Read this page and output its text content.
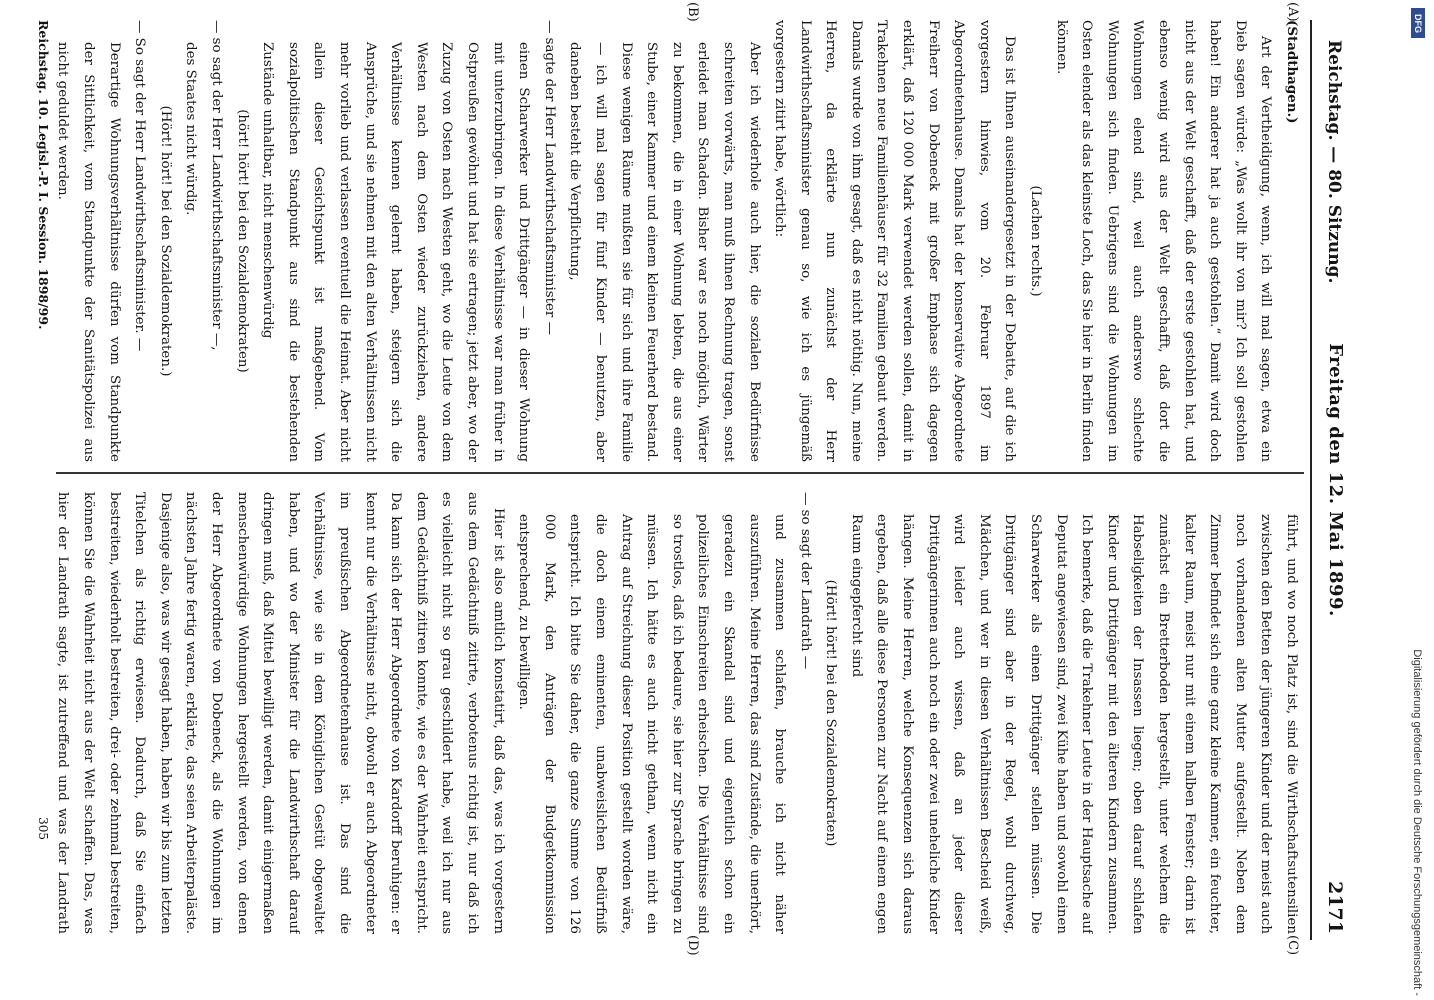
Reichstag. — 80. Sitzung.
Freitag den 12. Mai 1899.
2171

(Stadthagen.)

Art der Vertheidigung, wenn, ich will mal sagen, etwa ein Dieb sagen würde: „Was wollt ihr von mir? Ich soll gestohlen haben! Ein anderer hat ja auch gestohlen.“ Damit wird doch nicht aus der Welt geschafft, daß der erste gestohlen hat, und ebenso wenig wird aus der Welt geschafft, daß dort die Wohnungen elend sind, weil auch anderswo schlechte Wohnungen sich finden. Uebrigens sind die Wohnungen im Osten elender als das kleinste Loch, das Sie hier in Berlin finden können.

(Lachen rechts.)

Das ist Ihnen auseinandergesetzt in der Debatte, auf die ich vorgestern hinwies, vom 20. Februar 1897 im Abgeordnetenhause. Damals hat der konservative Abgeordnete Freiherr von Dobeneck mit großer Emphase sich dagegen erklärt, daß 120 000 Mark verwendet werden sollen, damit in Trakehnen neue Familienhäuser für 32 Familien gebaut werden. Damals wurde von ihm gesagt, daß es nicht nöthig. Nun, meine Herren, da erklärte nun zunächst der Herr Landwirthschaftsminister genau so, wie ich es jüngemäß vorgestern zitirt habe, wörtlich:

Aber ich wiederhole auch hier, die sozialen Bedürfnisse schreiten vorwärts, man muß ihnen Rechnung tragen, sonst erleidet man Schaden. Bisher war es noch möglich, Wärter zu bekommen, die in einer Wohnung lebten, die aus einer Stube, einer Kammer und einem kleinen Feuerherd bestand. Diese wenigen Räume mußten sie für sich und ihre Familie — ich will mal sagen für fünf Kinder — benutzen, aber daneben besteht die Verpflichtung,

— sagte der Herr Landwirthschaftsminister —

einen Scharwerker und Drittgänger — in dieser Wohnung mit unterzubringen. In diese Verhältnisse war man früher in Ostpreußen gewöhnt und hat sie ertragen; jetzt aber, wo der Zuzug von Osten nach Westen geht, wo die Leute von dem Westen nach dem Osten wieder zurückziehen, andere Verhältnisse kennen gelernt haben, steigern sich die Ansprüche, und sie nehmen mit den alten Verhältnissen nicht mehr vorlieb und verlassen eventuell die Heimat. Aber nicht allein dieser Gesichtspunkt ist maßgebend. Vom sozialpolitischen Standpunkt aus sind die bestehenden Zustände unhaltbar, nicht menschenwürdig

(hört! hört! bei den Sozialdemokraten)

— so sagt der Herr Landwirthschaftsminister —,

des Staates nicht würdig.

(Hört! hört! bei den Sozialdemokraten.)

— So sagt der Herr Landwirthschaftsminister. —

Derartige Wohnungsverhältnisse dürfen vom Standpunkte der Sittlichkeit, vom Standpunkte der Sanitätspolizei aus nicht geduldet werden.

führt, und wo noch Platz ist, sind die Wirthschaftsutensilien zwischen den Betten der jüngeren Kinder und der meist auch noch vorhandenen alten Mutter aufgestellt. Neben dem Zimmer befindet sich eine ganz kleine Kammer, ein feuchter, kalter Raum, meist nur mit einem halben Fenster; darin ist zunächst ein Bretterboden hergestellt, unter welchem die Habseligkeiten der Insassen liegen; oben darauf schlafen Kinder und Drittgänger mit den älteren Kindern zusammen. Ich bemerke, daß die Trakehner Leute in der Hauptsache auf Deputat angewiesen sind, zwei Kühe haben und sowohl einen Scharwerker als einen Drittgänger stellen müssen. Die Drittgänger sind aber in der Regel, wohl durchweg, Mädchen, und wer in diesen Verhältnissen Bescheid weiß, wird leider auch wissen, daß an jeder dieser Drittgängerinnen auch noch ein oder zwei uneheliche Kinder hängen. Meine Herren, welche Konsequenzen sich daraus ergeben, daß alle diese Personen zur Nacht auf einem engen Raum eingepfercht sind

(Hört! hört! bei den Sozialdemokraten)

— so sagt der Landrath —

und zusammen schlafen, brauche ich nicht näher auszuführen. Meine Herren, das sind Zustände, die unerhört, geradezu ein Skandal sind und eigentlich schon ein polizeiliches Einschreiten erheischen. Die Verhältnisse sind so trostlos, daß ich bedaure, sie hier zur Sprache bringen zu müssen. Ich hätte es auch nicht gethan, wenn nicht ein Antrag auf Streichung dieser Position gestellt worden wäre, die doch einem eminenten, unabweislichen Bedürfniß entspricht. Ich bitte Sie daher, die ganze Summe von 126 000 Mark, den Anträgen der Budgetkommission entsprechend, zu bewilligen.

Hier ist also amtlich konstatirt, daß das, was ich vorgestern aus dem Gedächtniß zitirte, verbotenus richtig ist, nur daß ich es vielleicht nicht so grau geschildert habe, weil ich nur aus dem Gedächtniß zitiren konnte, wie es der Wahrheit entspricht. Da kann sich der Herr Abgeordnete von Kardorff beruhigen: er kennt nur die Verhältnisse nicht, obwohl er auch Abgeordneter im preußischen Abgeordnetenhause ist. Das sind die Verhältnisse, wie sie in dem Königlichen Gestüt obgewaltet haben, und wo der Minister für die Landwirthschaft darauf dringen muß, daß Mittel bewilligt werden, damit einigermaßen menschenwürdige Wohnungen hergestellt werden, von denen der Herr Abgeordnete von Dobeneck, als die Wohnungen im nächsten Jahre fertig waren, erklärte, das seien Arbeiterpaläste. Dasjenige also, was wir gesagt haben, haben wir bis zum letzten Titelchen als richtig erwiesen. Dadurch, daß Sie einfach bestreiten, wiederholt bestreiten, drei- oder zehnmal bestreiten, können Sie die Wahrheit nicht aus der Welt schaffen. Das, was hier der Landrath sagte, ist zutreffend und was der Landrath

(A)
(B)
(C)
(D)
Reichstag. 10. Legisl.-P. I. Session. 1898/99.
305	Digitalisierung gefördert durch die Deutsche Forschungsgemeinschaft -
DFG
